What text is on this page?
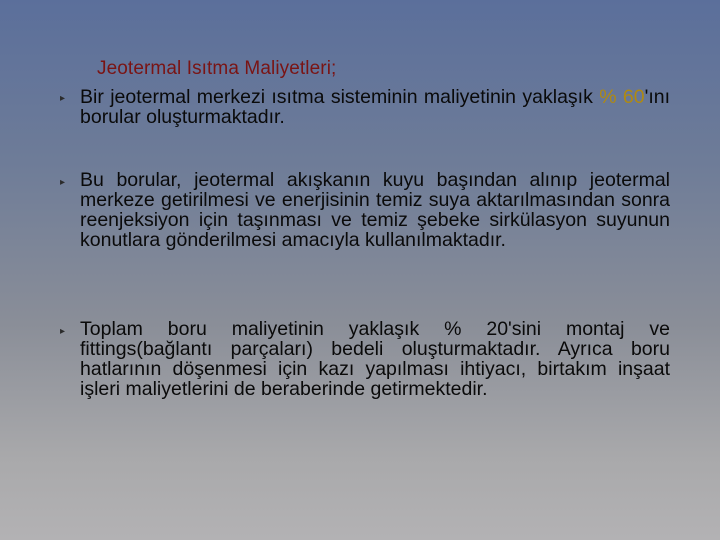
Jeotermal Isıtma Maliyetleri;
▸ Bir jeotermal merkezi ısıtma sisteminin maliyetinin yaklaşık % 60'ını borular oluşturmaktadır.
▸ Bu borular, jeotermal akışkanın kuyu başından alınıp jeotermal merkeze getirilmesi ve enerjisinin temiz suya aktarılmasından sonra reenjeksiyon için taşınması ve temiz şebeke sirkülasyon suyunun konutlara gönderilmesi amacıyla kullanılmaktadır.
▸ Toplam boru maliyetinin yaklaşık % 20'sini montaj ve fittings(bağlantı parçaları) bedeli oluşturmaktadır. Ayrıca boru hatlarının döşenmesi için kazı yapılması ihtiyacı, birtakım inşaat işleri maliyetlerini de beraberinde getirmektedir.
